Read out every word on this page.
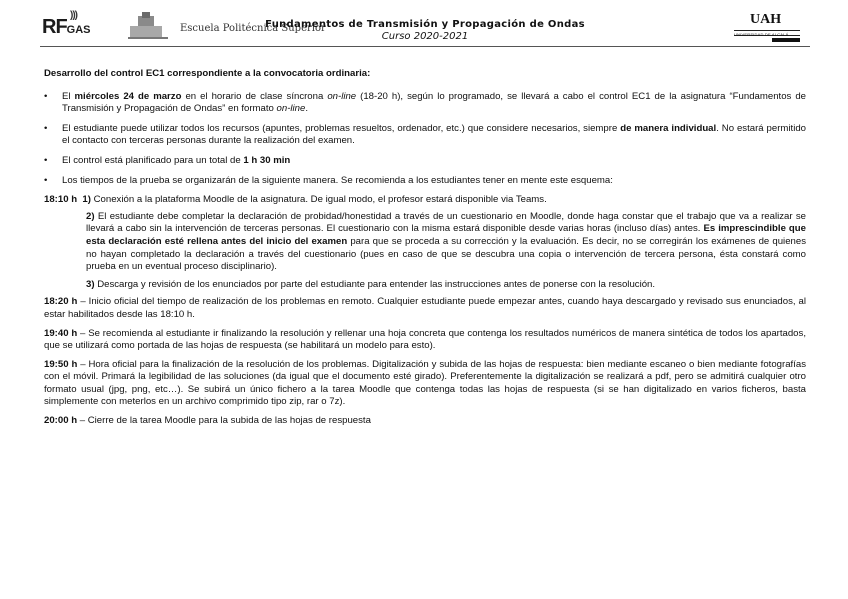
RFGAS
)))
Escuela Politécnica Superior
Fundamentos de Transmisión y Propagación de Ondas
Curso 2020-2021
UAH
UNIVERSIDAD DE ALCALÁ

Desarrollo del control EC1 correspondiente a la convocatoria ordinaria:

• El miércoles 24 de marzo en el horario de clase síncrona on-line (18-20 h), según lo programado, se llevará a cabo el control EC1 de la asignatura “Fundamentos de Transmisión y Propagación de Ondas” en formato on-line.

• El estudiante puede utilizar todos los recursos (apuntes, problemas resueltos, ordenador, etc.) que considere necesarios, siempre de manera individual. No estará permitido el contacto con terceras personas durante la realización del examen.

• El control está planificado para un total de 1 h 30 min

• Los tiempos de la prueba se organizarán de la siguiente manera. Se recomienda a los estudiantes tener en mente este esquema:

18:10 h 1) Conexión a la plataforma Moodle de la asignatura. De igual modo, el profesor estará disponible via Teams.

2) El estudiante debe completar la declaración de probidad/honestidad a través de un cuestionario en Moodle, donde haga constar que el trabajo que va a realizar se llevará a cabo sin la intervención de terceras personas. El cuestionario con la misma estará disponible desde varias horas (incluso días) antes. Es imprescindible que esta declaración esté rellena antes del inicio del examen para que se proceda a su corrección y la evaluación. Es decir, no se corregirán los exámenes de quienes no hayan completado la declaración a través del cuestionario (pues en caso de que se descubra una copia o intervención de tercera persona, ésta constará como prueba en un eventual proceso disciplinario).

3) Descarga y revisión de los enunciados por parte del estudiante para entender las instrucciones antes de ponerse con la resolución.

18:20 h – Inicio oficial del tiempo de realización de los problemas en remoto. Cualquier estudiante puede empezar antes, cuando haya descargado y revisado sus enunciados, al estar habilitados desde las 18:10 h.

19:40 h – Se recomienda al estudiante ir finalizando la resolución y rellenar una hoja concreta que contenga los resultados numéricos de manera sintética de todos los apartados, que se utilizará como portada de las hojas de respuesta (se habilitará un modelo para esto).

19:50 h – Hora oficial para la finalización de la resolución de los problemas. Digitalización y subida de las hojas de respuesta: bien mediante escaneo o bien mediante fotografías con el móvil. Primará la legibilidad de las soluciones (da igual que el documento esté girado). Preferentemente la digitalización se realizará a pdf, pero se admitirá cualquier otro formato usual (jpg, png, etc…). Se subirá un único fichero a la tarea Moodle que contenga todas las hojas de respuesta (si se han digitalizado en varios ficheros, basta simplemente con meterlos en un archivo comprimido tipo zip, rar o 7z).

20:00 h – Cierre de la tarea Moodle para la subida de las hojas de respuesta
